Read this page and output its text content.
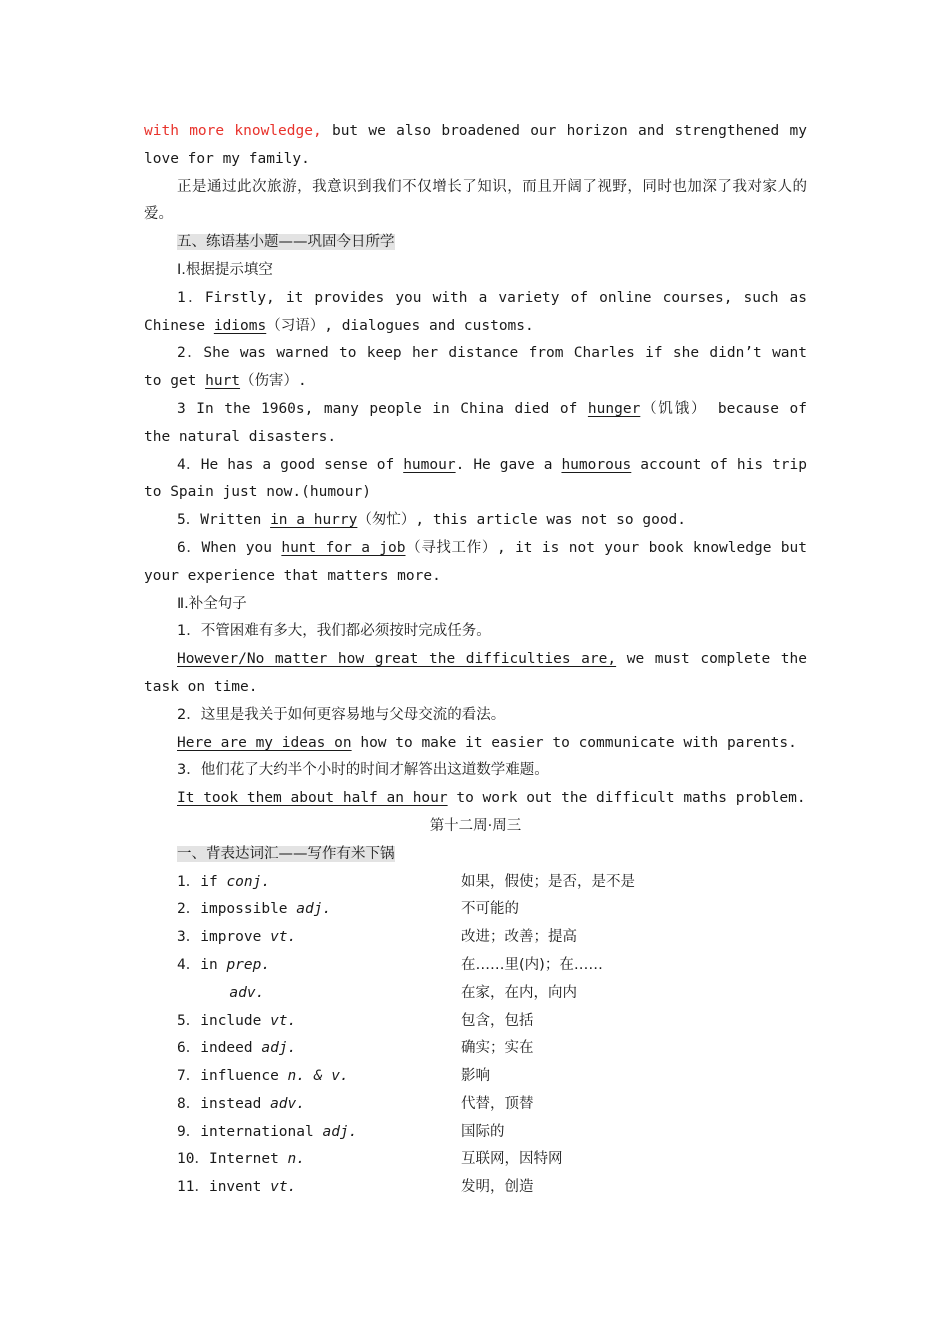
with more knowledge, but we also broadened our horizon and strengthened my love for my family.

正是通过此次旅游，我意识到我们不仅增长了知识，而且开阔了视野，同时也加深了我对家人的爱。

五、练语基小题——巩固今日所学

Ⅰ.根据提示填空

1．Firstly, it provides you with a variety of online courses, such as Chinese idioms（习语）, dialogues and customs.

2．She was warned to keep her distance from Charles if she didn’t want to get hurt（伤害）.

3 In the 1960s, many people in China died of hunger（饥饿） because of the natural disasters.

4．He has a good sense of humour. He gave a humorous account of his trip to Spain just now.(humour)

5．Written in a hurry（匆忙）, this article was not so good.

6．When you hunt for a job（寻找工作）, it is not your book knowledge but your experience that matters more.

Ⅱ.补全句子

1．不管困难有多大，我们都必须按时完成任务。

However/No matter how great the difficulties are, we must complete the task on time.

2．这里是我关于如何更容易地与父母交流的看法。

Here are my ideas on how to make it easier to communicate with parents.

3．他们花了大约半个小时的时间才解答出这道数学难题。

It took them about half an hour to work out the difficult maths problem.

第十二周·周三

一、背表达词汇——写作有米下锅

1．if conj.	如果，假使；是否，是不是
2．impossible adj.	不可能的
3．improve vt.	改进；改善；提高
4．in prep.	在……里(内)；在……
adv.	在家，在内，向内
5．include vt.	包含，包括
6．indeed adj.	确实；实在
7．influence n. & v.	影响
8．instead adv.	代替，顶替
9．international adj.	国际的
10．Internet n.	互联网，因特网
11．invent vt.	发明，创造
